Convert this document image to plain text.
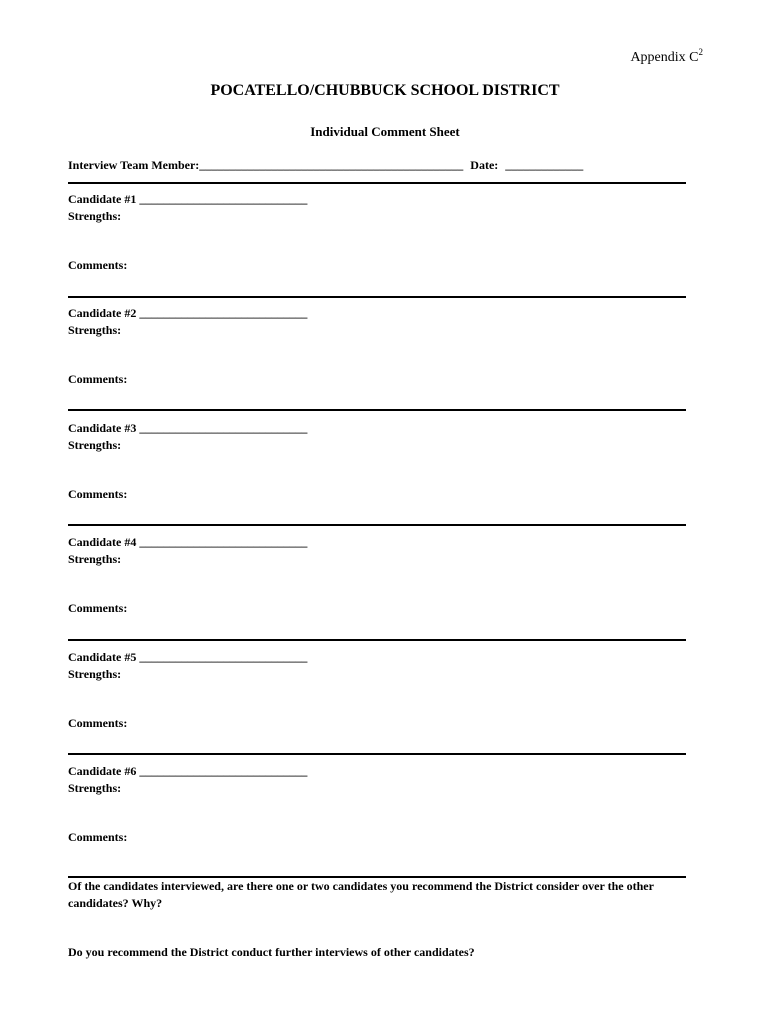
Appendix $C^2$
POCATELLO/CHUBBUCK SCHOOL DISTRICT
Individual Comment Sheet
Interview Team Member:____________________________________________ Date: _____________
Candidate #1 ____________________________
Strengths:
Comments:
Candidate #2 ____________________________
Strengths:
Comments:
Candidate #3 ____________________________
Strengths:
Comments:
Candidate #4 ____________________________
Strengths:
Comments:
Candidate #5 ____________________________
Strengths:
Comments:
Candidate #6 ____________________________
Strengths:
Comments:
Of the candidates interviewed, are there one or two candidates you recommend the District consider over the other candidates? Why?
Do you recommend the District conduct further interviews of other candidates?
